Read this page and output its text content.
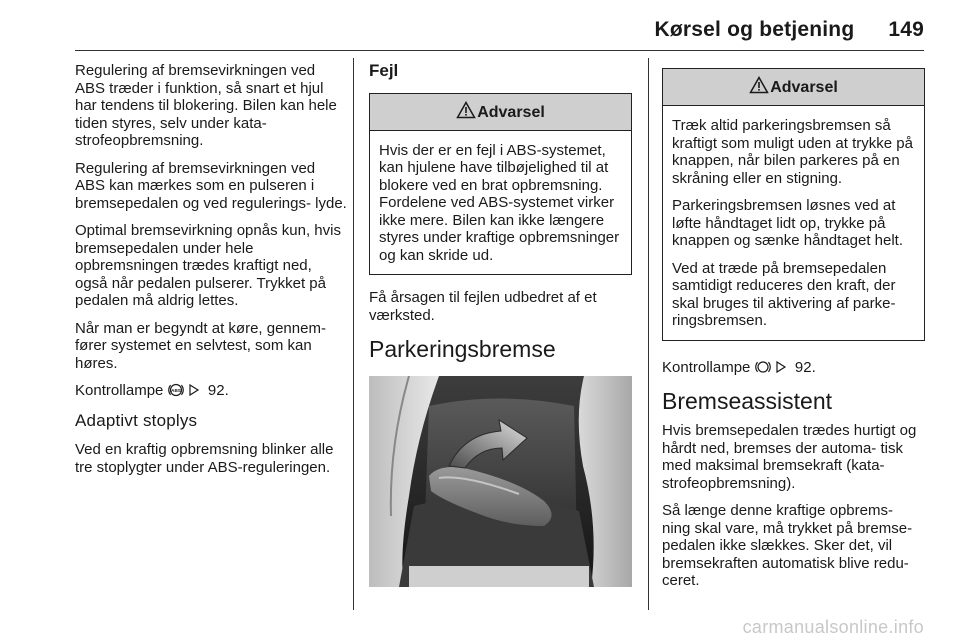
Kørsel og betjening 149

Regulering af bremsevirkningen ved ABS træder i funktion, så snart et hjul har tendens til blokering. Bilen kan hele tiden styres, selv under kata- strofeopbremsning.

Regulering af bremsevirkningen ved ABS kan mærkes som en pulseren i bremsepedalen og ved regulerings- lyde.

Optimal bremsevirkning opnås kun, hvis bremsepedalen under hele opbremsningen trædes kraftigt ned, også når pedalen pulserer. Trykket på pedalen må aldrig lettes.

Når man er begyndt at køre, gennem- fører systemet en selvtest, som kan høres.

Kontrollampe ABS 92.

Adaptivt stoplys

Ved en kraftig opbremsning blinker alle tre stoplygter under ABS-reguleringen.

Fejl
Advarsel

Hvis der er en fejl i ABS-systemet, kan hjulene have tilbøjelighed til at blokere ved en brat opbremsning. Fordelene ved ABS-systemet virker ikke mere. Bilen kan ikke længere styres under kraftige opbremsninger og kan skride ud.

Få årsagen til fejlen udbedret af et værksted.

Parkeringsbremse
Advarsel

Træk altid parkeringsbremsen så kraftigt som muligt uden at trykke på knappen, når bilen parkeres på en skråning eller en stigning.

Parkeringsbremsen løsnes ved at løfte håndtaget lidt op, trykke på knappen og sænke håndtaget helt.

Ved at træde på bremsepedalen samtidigt reduceres den kraft, der skal bruges til aktivering af parke- ringsbremsen.

Kontrollampe	92.

Bremseassistent

Hvis bremsepedalen trædes hurtigt og hårdt ned, bremses der automa- tisk med maksimal bremsekraft (kata- strofeopbremsning).

Så længe denne kraftige opbrems- ning skal vare, må trykket på bremse- pedalen ikke slækkes. Sker det, vil bremsekraften automatisk blive redu- ceret.

carmanualsonline.info
